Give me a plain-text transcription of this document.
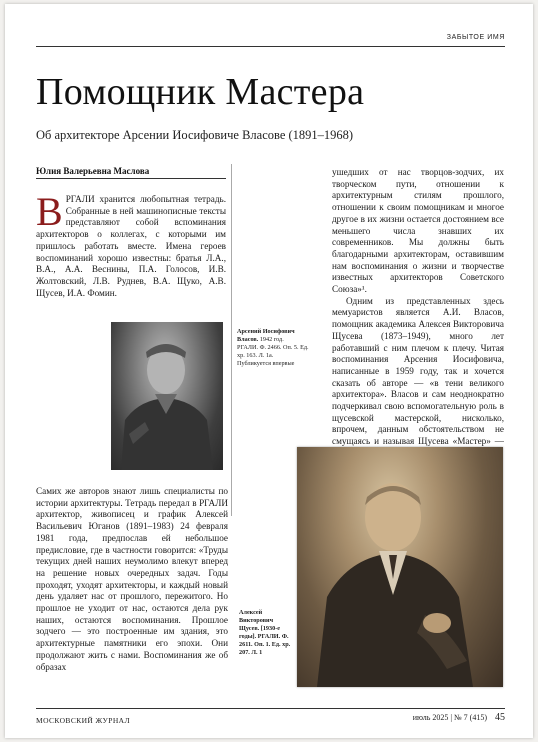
ЗАБЫТОЕ ИМЯ
Помощник Мастера

Об архитекторе Арсении Иосифовиче Власове (1891–1968)

Юлия Валерьевна Маслова

ВРГАЛИ хранится любопытная тетрадь. Собранные в ней машинописные тексты представляют собой вспоминания архитекторов о коллегах, с которыми им пришлось работать вместе. Имена героев воспоминаний хорошо известны: братья Л.А., В.А., А.А. Веснины, П.А. Голосов, И.В. Жолтовский, Л.В. Руднев, В.А. Щуко, А.В. Щусев, И.А. Фомин.

Арсений Иосифович Власов. 1942 год.
РГАЛИ. Ф. 2466. Оп. 5. Ед. хр. 163. Л. 1а.
Публикуется впервые

Самих же авторов знают лишь специалисты по истории архитектуры. Тетрадь передал в РГАЛИ архитектор, живописец и график Алексей Васильевич Юганов (1891–1983) 24 февраля 1981 года, предпослав ей небольшое предисловие, где в частности говорится: «Труды текущих дней наших неумолимо влекут вперед на решение новых очередных задач. Годы проходят, уходят архитекторы, и каждый новый день удаляет нас от прошлого, пережитого. Но прошлое не уходит от нас, остаются дела рук наших, остаются воспоминания. Прошлое зодчего — это построенные им здания, это архитектурные памятники его эпохи. Они продолжают жить с нами. Воспоминания же об образах

ушедших от нас творцов-зодчих, их творческом пути, отношении к архитектурным стилям прошлого, отношении к своим помощникам и многое другое в их жизни остается достоянием все меньшего числа знавших их современников. Мы должны быть благодарными архитекторам, оставившим нам воспоминания о жизни и творчестве известных архитекторов Советского Союза»¹.

Одним из представленных здесь мемуаристов является А.И. Власов, помощник академика Алексея Викторовича Щусева (1873–1949), много лет работавший с ним плечом к плечу. Читая воспоминания Арсения Иосифовича, написанные в 1959 году, так и хочется сказать об авторе — «в тени великого архитектора». Власов и сам неоднократно подчеркивал свою вспомогательную роль в щусевской мастерской, нисколько, впрочем, данным обстоятельством не смущаясь и называя Щусева «Мастер» —

Алексей Викторович Щусев. [1930-е годы]. РГАЛИ. Ф. 2611. Оп. 1. Ед. хр. 207. Л. 1
МОСКОВСКИЙ ЖУРНАЛ	июль 2025 | № 7 (415) 45
